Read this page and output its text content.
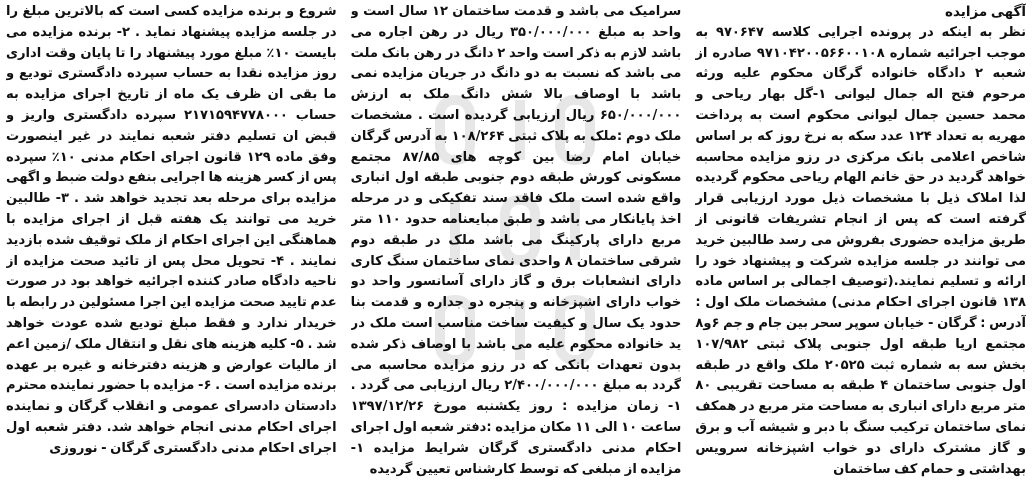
آگهی مزایده

نظر به اینکه در پرونده اجرایی کلاسه ۹۷۰۶۴۷ به موجب اجرائیه شماره ۹۷۱۰۴۲۰۰۵۶۶۰۰۱۰۸ صادره از شعبه ۲ دادگاه خانواده گرگان محکوم علیه ورثه مرحوم فتح اله جمال لیوانی ۱-گل بهار ریاحی و محمد حسین جمال لیوانی محکوم است به پرداخت مهریه به تعداد ۱۲۴ عدد سکه به نرخ روز که بر اساس شاخص اعلامی بانک مرکزی در رزو مزایده محاسبه خواهد گردید در حق خانم الهام ریاحی محکوم گردیده لذا املاک ذیل با مشخصات ذیل مورد ارزیابی قرار گرفته است که پس از انجام تشریفات قانونی از طریق مزایده حضوری بفروش می رسد طالبین خرید می توانند در جلسه مزایده شرکت و پیشنهاد خود را ارائه و تسلیم نمایند.(توصیف اجمالی بر اساس ماده ۱۳۸ قانون اجرای احکام مدنی) مشخصات ملک اول : آدرس : گرگان - خیابان سوپر سحر بین جام و جم ۶و۸ مجتمع اریا طبقه اول جنوبی پلاک ثبتی ۱۰۷/۹۸۲ بخش سه به شماره ثبت ۲۰۵۲۵ ملک واقع در طبقه اول جنوبی ساختمان ۴ طبقه به مساحت تقریبی ۸۰ متر مربع دارای انباری به مساحت متر مربع در همکف نمای ساختمان ترکیب سنگ با دبر و شیشه آب و برق و گاز مشترک دارای دو خواب اشپزخانه سرویس بهداشتی و حمام کف ساختمان

سرامیک می باشد و قدمت ساختمان ۱۲ سال است و واحد به مبلغ ۳۵۰/۰۰۰/۰۰۰ ریال در رهن اجاره می باشد لازم به ذکر است واحد ۲ دانگ در رهن بانک ملت می باشد که نسبت به دو دانگ در جریان مزایده نمی باشد با اوصاف بالا شش دانگ ملک به ارزش ۶۵۰/۰۰۰/۰۰۰ ریال ارزیابی گردیده است . مشخصات ملک دوم :ملک به پلاک ثبتی ۱۰۸/۲۶۴ به آدرس گرگان خیابان امام رضا بین کوچه های ۸۷/۸۵ مجتمع مسکونی کورش طبقه دوم جنوبی طبقه اول انباری واقع شده است ملک فاقد سند تفکیکی و در مرحله اخذ پایانکار می باشد و طبق مبایعنامه حدود ۱۱۰ متر مربع دارای پارکینگ می باشد ملک در طبقه دوم شرقی ساختمان ۸ واحدی نمای ساختمان سنگ کاری دارای انشعابات برق و گاز دارای آسانسور واحد دو خواب دارای اشپزخانه و پنجره دو جداره و قدمت بنا حدود یک سال و کیفیت ساخت مناسب است ملک در ید خانواده محکوم علیه می باشد با اوصاف ذکر شده بدون تعهدات بانکی که در رزو مزایده محاسبه می گردد به مبلغ ۲/۴۰۰/۰۰۰/۰۰۰ ریال ارزیابی می گردد . ۱- زمان مزایده : روز یکشنبه مورخ ۱۳۹۷/۱۲/۲۶ ساعت ۱۰ الی ۱۱ مکان مزایده :دفتر شعبه اول اجرای احکام مدنی دادگستری گرگان شرایط مزایده ۱- مزایده از مبلغی که توسط کارشناس تعیین گردیده

شروع و برنده مزایده کسی است که بالاترین مبلغ را در جلسه مزایده پیشنهاد نماید . ۲- برنده مزایده می بایست ۱۰٪ مبلغ مورد پیشنهاد را تا پایان وقت اداری روز مزایده نقدا به حساب سپرده دادگستری تودیع و ما بقی ان ظرف یک ماه از تاریخ اجرای مزایده به حساب ۲۱۷۱۵۹۴۷۷۸۰۰۰ سپرده دادگستری واریز و قبض ان تسلیم دفتر شعبه نمایند در غیر اینصورت وفق ماده ۱۲۹ قانون اجرای احکام مدنی ۱۰٪ سپرده پس از کسر هزینه ها اجرایی بنفع دولت ضبط و اگهی مزایده برای مرحله بعد تجدید خواهد شد . ۳- طالبین خرید می توانند یک هفته قبل از اجرای مزایده با هماهنگی این اجرای احکام از ملک توقیف شده بازدید نمایند . ۴- تحویل محل پس از تائید صحت مزایده از ناحیه دادگاه صادر کننده اجرائیه خواهد بود در صورت عدم تایید صحت مزایده این اجرا مسئولین در رابطه با خریدار ندارد و فقط مبلغ تودیع شده عودت خواهد شد . ۵- کلیه هزینه های نقل و انتقال ملک /زمین اعم از مالیات عوارض و هزینه دفترخانه و غیره بر عهده برنده مزایده است . ۶- مزایده با حضور نماینده محترم دادستان دادسرای عمومی و انقلاب گرگان و نماینده اجرای احکام مدنی انجام خواهد شد. دفتر شعبه اول اجرای احکام مدنی دادگستری گرگان - نوروزی
